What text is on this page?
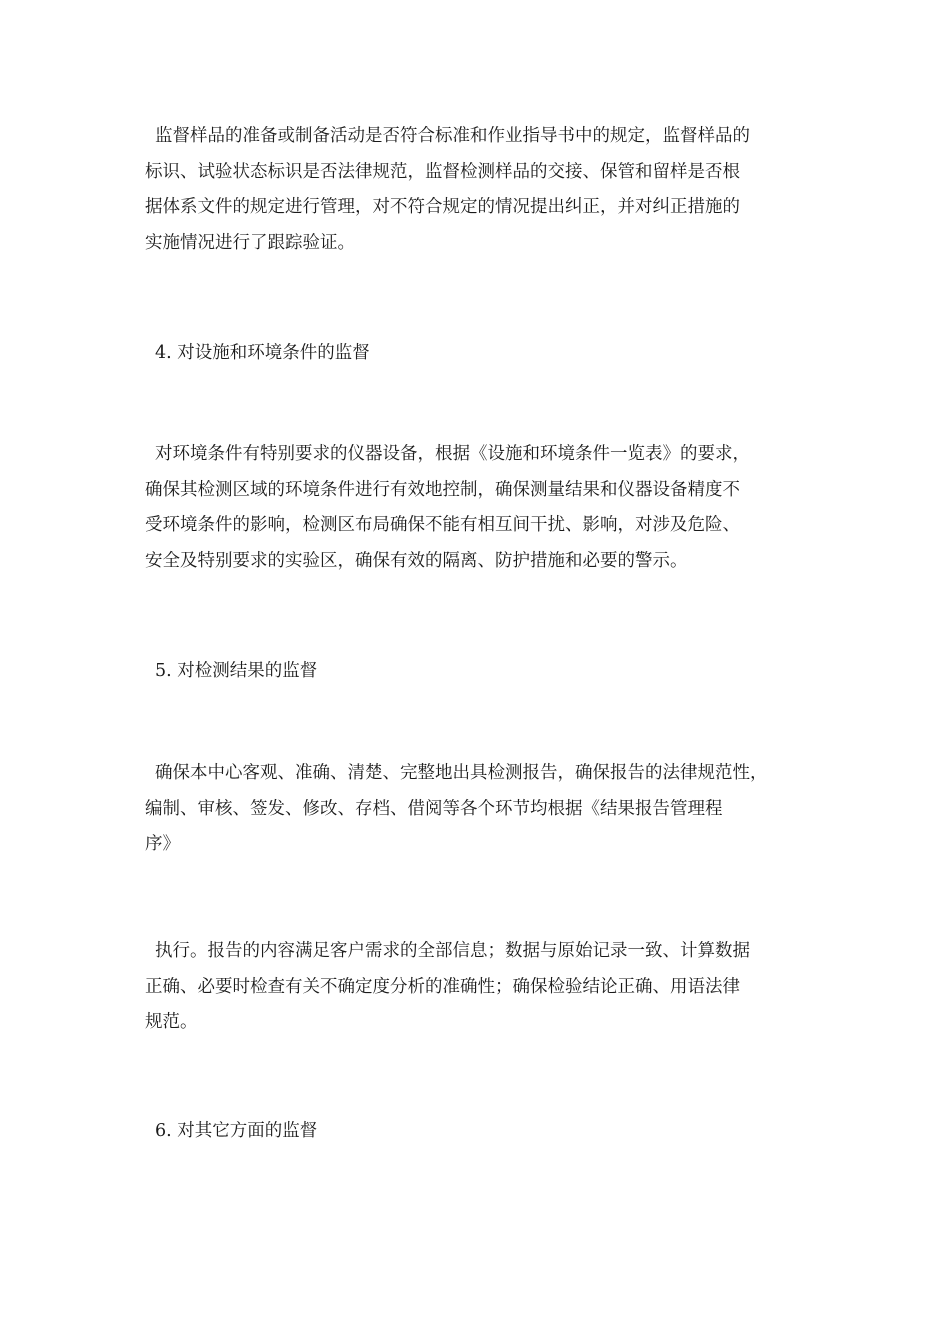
监督样品的准备或制备活动是否符合标准和作业指导书中的规定，监督样品的
标识、试验状态标识是否法律规范，监督检测样品的交接、保管和留样是否根
据体系文件的规定进行管理，对不符合规定的情况提出纠正，并对纠正措施的
实施情况进行了跟踪验证。
4. 对设施和环境条件的监督
对环境条件有特别要求的仪器设备，根据《设施和环境条件一览表》的要求，
确保其检测区域的环境条件进行有效地控制，确保测量结果和仪器设备精度不
受环境条件的影响，检测区布局确保不能有相互间干扰、影响，对涉及危险、
安全及特别要求的实验区，确保有效的隔离、防护措施和必要的警示。
5. 对检测结果的监督
确保本中心客观、准确、清楚、完整地出具检测报告，确保报告的法律规范性，
编制、审核、签发、修改、存档、借阅等各个环节均根据《结果报告管理程
序》
执行。报告的内容满足客户需求的全部信息；数据与原始记录一致、计算数据
正确、必要时检查有关不确定度分析的准确性；确保检验结论正确、用语法律
规范。
6. 对其它方面的监督
